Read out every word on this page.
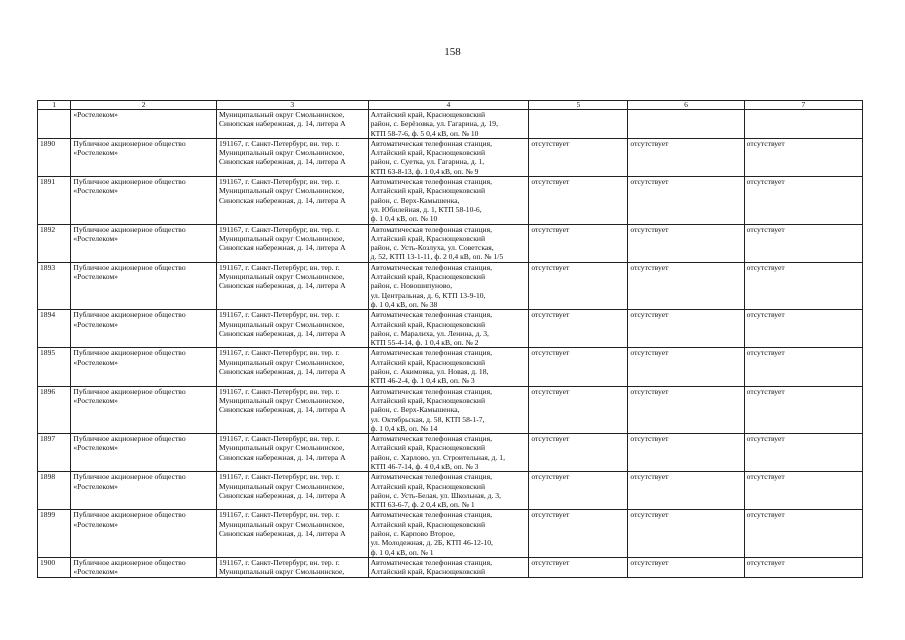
158
1	2	3	4	5	6	7
	«Ростелеком»	Муниципальный округ Смольнинское,
Синопская набережная, д. 14, литера А	Алтайский край, Краснощековский
район, с. Берёзовка, ул. Гагарина, д. 19,
КТП 58-7-6, ф. 5 0,4 кВ, оп. № 10			
1890	Публичное акционерное общество
«Ростелеком»	191167, г. Санкт-Петербург, вн. тер. г.
Муниципальный округ Смольнинское,
Синопская набережная, д. 14, литера А	Автоматическая телефонная станция,
Алтайский край, Краснощековский
район, с. Суетка, ул. Гагарина, д. 1,
КТП 63-8-13, ф. 1 0,4 кВ, оп. № 9	отсутствует	отсутствует	отсутствует
1891	Публичное акционерное общество
«Ростелеком»	191167, г. Санкт-Петербург, вн. тер. г.
Муниципальный округ Смольнинское,
Синопская набережная, д. 14, литера А	Автоматическая телефонная станция,
Алтайский край, Краснощековский
район, с. Верх-Камышенка,
ул. Юбилейная, д. 1, КТП 58-10-6,
ф. 1 0,4 кВ, оп. № 10	отсутствует	отсутствует	отсутствует
1892	Публичное акционерное общество
«Ростелеком»	191167, г. Санкт-Петербург, вн. тер. г.
Муниципальный округ Смольнинское,
Синопская набережная, д. 14, литера А	Автоматическая телефонная станция,
Алтайский край, Краснощековский
район, с. Усть-Козлуха, ул. Советская,
д. 52, КТП 13-1-11, ф. 2 0,4 кВ, оп. № 1/5	отсутствует	отсутствует	отсутствует
1893	Публичное акционерное общество
«Ростелеком»	191167, г. Санкт-Петербург, вн. тер. г.
Муниципальный округ Смольнинское,
Синопская набережная, д. 14, литера А	Автоматическая телефонная станция,
Алтайский край, Краснощековский
район, с. Новошипуново,
ул. Центральная, д. 6, КТП 13-9-10,
ф. 1 0,4 кВ, оп. № 38	отсутствует	отсутствует	отсутствует
1894	Публичное акционерное общество
«Ростелеком»	191167, г. Санкт-Петербург, вн. тер. г.
Муниципальный округ Смольнинское,
Синопская набережная, д. 14, литера А	Автоматическая телефонная станция,
Алтайский край, Краснощековский
район, с. Маралиха, ул. Ленина, д. 3,
КТП 55-4-14, ф. 1 0,4 кВ, оп. № 2	отсутствует	отсутствует	отсутствует
1895	Публичное акционерное общество
«Ростелеком»	191167, г. Санкт-Петербург, вн. тер. г.
Муниципальный округ Смольнинское,
Синопская набережная, д. 14, литера А	Автоматическая телефонная станция,
Алтайский край, Краснощековский
район, с. Акимовка, ул. Новая, д. 18,
КТП 46-2-4, ф. 1 0,4 кВ, оп. № 3	отсутствует	отсутствует	отсутствует
1896	Публичное акционерное общество
«Ростелеком»	191167, г. Санкт-Петербург, вн. тер. г.
Муниципальный округ Смольнинское,
Синопская набережная, д. 14, литера А	Автоматическая телефонная станция,
Алтайский край, Краснощековский
район, с. Верх-Камышенка,
ул. Октябрьская, д. 58, КТП 58-1-7,
ф. 1 0,4 кВ, оп. № 14	отсутствует	отсутствует	отсутствует
1897	Публичное акционерное общество
«Ростелеком»	191167, г. Санкт-Петербург, вн. тер. г.
Муниципальный округ Смольнинское,
Синопская набережная, д. 14, литера А	Автоматическая телефонная станция,
Алтайский край, Краснощековский
район, с. Харлово, ул. Строительная, д. 1,
КТП 46-7-14, ф. 4 0,4 кВ, оп. № 3	отсутствует	отсутствует	отсутствует
1898	Публичное акционерное общество
«Ростелеком»	191167, г. Санкт-Петербург, вн. тер. г.
Муниципальный округ Смольнинское,
Синопская набережная, д. 14, литера А	Автоматическая телефонная станция,
Алтайский край, Краснощековский
район, с. Усть-Белая, ул. Школьная, д. 3,
КТП 63-6-7, ф. 2 0,4 кВ, оп. № 1	отсутствует	отсутствует	отсутствует
1899	Публичное акционерное общество
«Ростелеком»	191167, г. Санкт-Петербург, вн. тер. г.
Муниципальный округ Смольнинское,
Синопская набережная, д. 14, литера А	Автоматическая телефонная станция,
Алтайский край, Краснощековский
район, с. Карпово Второе,
ул. Молодежная, д. 2Б, КТП 46-12-10,
ф. 1 0,4 кВ, оп. № 1	отсутствует	отсутствует	отсутствует
1900	Публичное акционерное общество
«Ростелеком»	191167, г. Санкт-Петербург, вн. тер. г.
Муниципальный округ Смольнинское,	Автоматическая телефонная станция,
Алтайский край, Краснощековский	отсутствует	отсутствует	отсутствует
